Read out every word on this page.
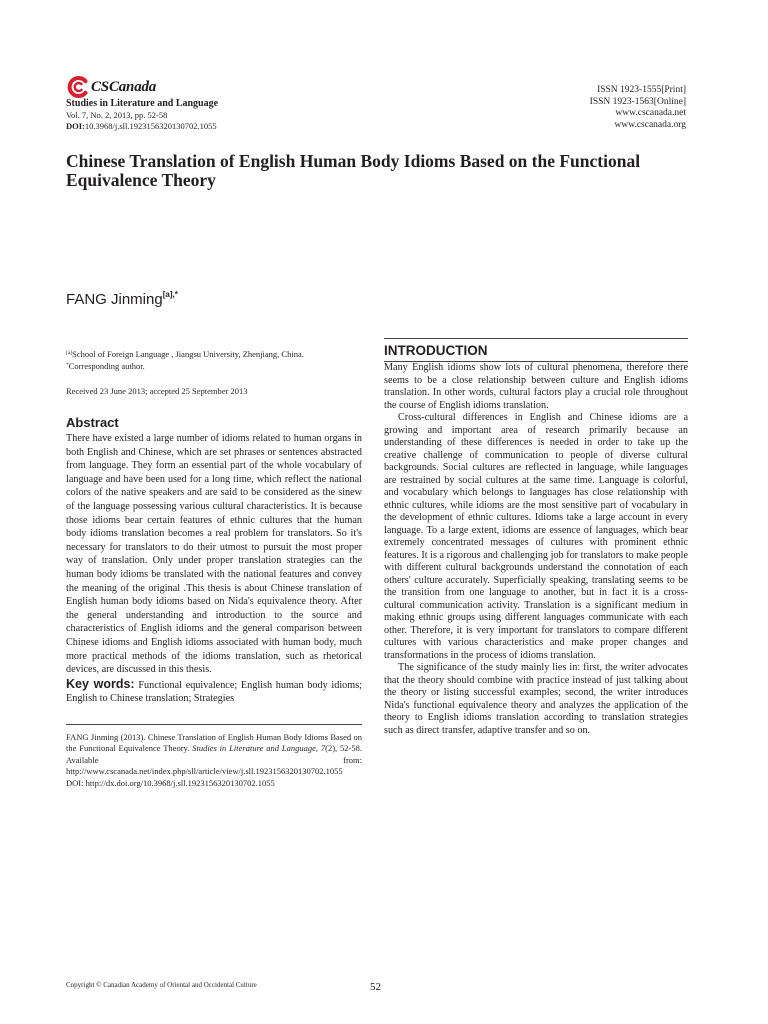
CSCanada
Studies in Literature and Language
Vol. 7, No. 2, 2013, pp. 52-58
DOI:10.3968/j.sll.1923156320130702.1055
ISSN 1923-1555[Print]
ISSN 1923-1563[Online]
www.cscanada.net
www.cscanada.org
Chinese Translation of English Human Body Idioms Based on the Functional Equivalence Theory
FANG Jinming$^{[a],*}$
[a]School of Foreign Language , Jiangsu University, Zhenjiang, China.
*Corresponding author.
Received 23 June 2013; accepted 25 September 2013
Abstract

There have existed a large number of idioms related to human organs in both English and Chinese, which are set phrases or sentences abstracted from language. They form an essential part of the whole vocabulary of language and have been used for a long time, which reflect the national colors of the native speakers and are said to be considered as the sinew of the language possessing various cultural characteristics. It is because those idioms bear certain features of ethnic cultures that the human body idioms translation becomes a real problem for translators. So it's necessary for translators to do their utmost to pursuit the most proper way of translation. Only under proper translation strategies can the human body idioms be translated with the national features and convey the meaning of the original .This thesis is about Chinese translation of English human body idioms based on Nida's equivalence theory. After the general understanding and introduction to the source and characteristics of English idioms and the general comparison between Chinese idioms and English idioms associated with human body, much more practical methods of the idioms translation, such as rhetorical devices, are discussed in this thesis.

Key words: Functional equivalence; English human body idioms; English to Chinese translation; Strategies

FANG Jinming (2013). Chinese Translation of English Human Body Idioms Based on the Functional Equivalence Theory. Studies in Literature and Language, 7(2), 52-58. Available from: http://www.cscanada.net/index.php/sll/article/view/j.sll.1923156320130702.1055
DOI: http://dx.doi.org/10.3968/j.sll.1923156320130702.1055
INTRODUCTION

Many English idioms show lots of cultural phenomena, therefore there seems to be a close relationship between culture and English idioms translation. In other words, cultural factors play a crucial role throughout the course of English idioms translation.

Cross-cultural differences in English and Chinese idioms are a growing and important area of research primarily because an understanding of these differences is needed in order to take up the creative challenge of communication to people of diverse cultural backgrounds. Social cultures are reflected in language, while languages are restrained by social cultures at the same time. Language is colorful, and vocabulary which belongs to languages has close relationship with ethnic cultures, while idioms are the most sensitive part of vocabulary in the development of ethnic cultures. Idioms take a large account in every language. To a large extent, idioms are essence of languages, which bear extremely concentrated messages of cultures with prominent ethnic features. It is a rigorous and challenging job for translators to make people with different cultural backgrounds understand the connotation of each others' culture accurately. Superficially speaking, translating seems to be the transition from one language to another, but in fact it is a cross-cultural communication activity. Translation is a significant medium in making ethnic groups using different languages communicate with each other. Therefore, it is very important for translators to compare different cultures with various characteristics and make proper changes and transformations in the process of idioms translation.

The significance of the study mainly lies in: first, the writer advocates that the theory should combine with practice instead of just talking about the theory or listing successful examples; second, the writer introduces Nida's functional equivalence theory and analyzes the application of the theory to English idioms translation according to translation strategies such as direct transfer, adaptive transfer and so on.

Copyright © Canadian Academy of Oriental and Occidental Culture	52
